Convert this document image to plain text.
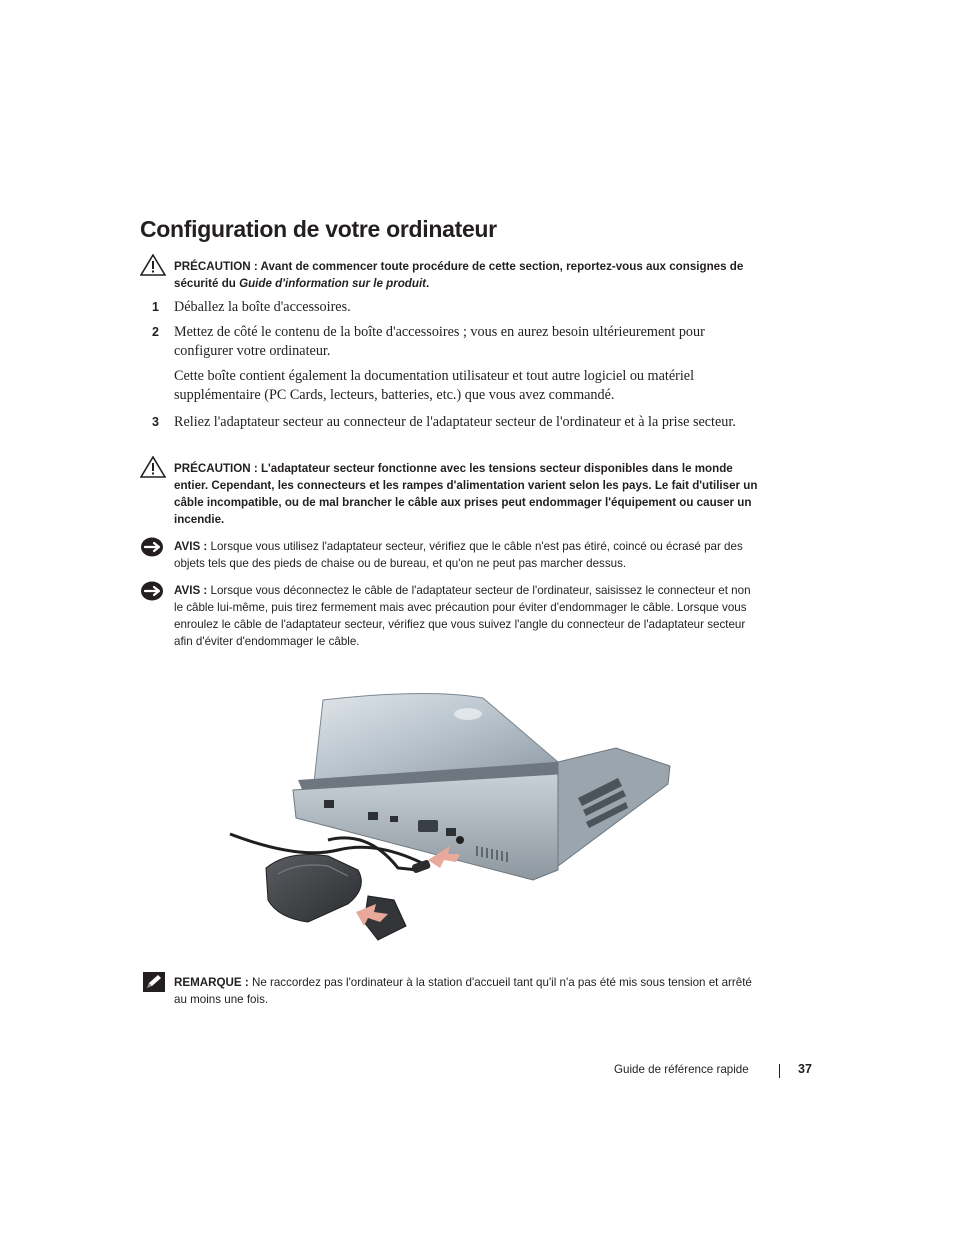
Configuration de votre ordinateur
PRÉCAUTION : Avant de commencer toute procédure de cette section, reportez-vous aux consignes de sécurité du Guide d'information sur le produit.
1	Déballez la boîte d'accessoires.
2	Mettez de côté le contenu de la boîte d'accessoires ; vous en aurez besoin ultérieurement pour configurer votre ordinateur.
Cette boîte contient également la documentation utilisateur et tout autre logiciel ou matériel supplémentaire (PC Cards, lecteurs, batteries, etc.) que vous avez commandé.
3	Reliez l'adaptateur secteur au connecteur de l'adaptateur secteur de l'ordinateur et à la prise secteur.
PRÉCAUTION : L'adaptateur secteur fonctionne avec les tensions secteur disponibles dans le monde entier. Cependant, les connecteurs et les rampes d'alimentation varient selon les pays. Le fait d'utiliser un câble incompatible, ou de mal brancher le câble aux prises peut endommager l'équipement ou causer un incendie.
AVIS : Lorsque vous utilisez l'adaptateur secteur, vérifiez que le câble n'est pas étiré, coincé ou écrasé par des objets tels que des pieds de chaise ou de bureau, et qu'on ne peut pas marcher dessus.
AVIS : Lorsque vous déconnectez le câble de l'adaptateur secteur de l'ordinateur, saisissez le connecteur et non le câble lui-même, puis tirez fermement mais avec précaution pour éviter d'endommager le câble. Lorsque vous enroulez le câble de l'adaptateur secteur, vérifiez que vous suivez l'angle du connecteur de l'adaptateur secteur afin d'éviter d'endommager le câble.
REMARQUE : Ne raccordez pas l'ordinateur à la station d'accueil tant qu'il n'a pas été mis sous tension et arrêté au moins une fois.
Guide de référence rapide	37
